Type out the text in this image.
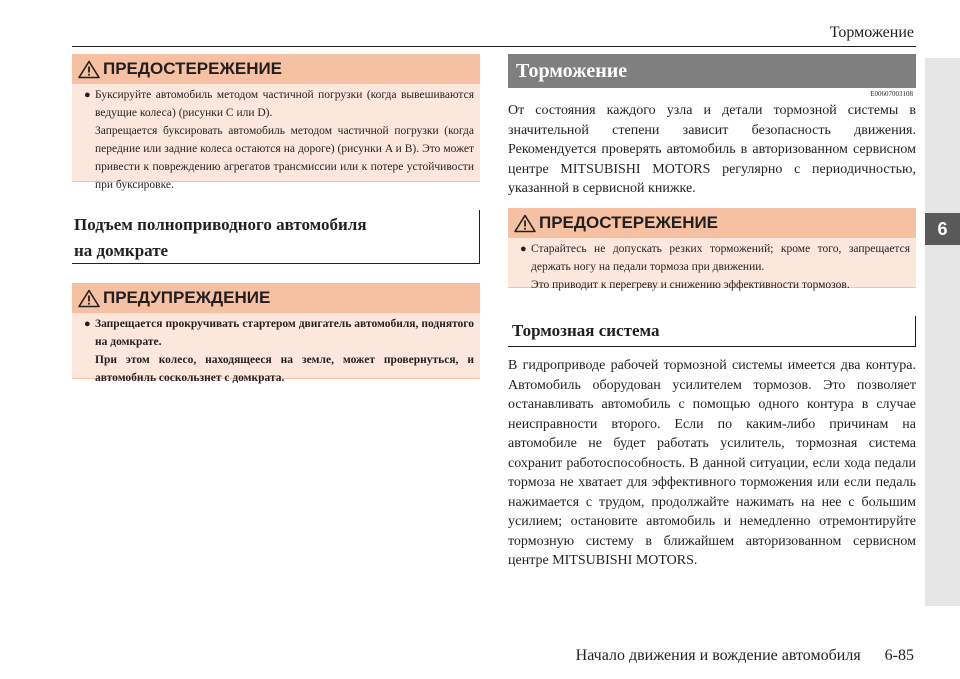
Торможение
6
ПРЕДОСТЕРЕЖЕНИЕ
● Буксируйте автомобиль методом частичной погрузки (когда вывешиваются ведущие колеса) (рисунки C или D).

Запрещается буксировать автомобиль методом частичной погрузки (когда передние или задние колеса остаются на дороге) (рисунки A и B). Это может привести к повреждению агрегатов трансмиссии или к потере устойчивости при буксировке.

Подъем полноприводного автомобиля
на домкрате
ПРЕДУПРЕЖДЕНИЕ
● Запрещается прокручивать стартером двигатель автомобиля, поднятого на домкрате.

При этом колесо, находящееся на земле, может провернуться, и автомобиль соскользнет с домкрата.

Торможение
E00607003108

От состояния каждого узла и детали тормозной системы в значительной степени зависит безопасность движения. Рекомендуется проверять автомобиль в авторизованном сервисном центре MITSUBISHI MOTORS регулярно с периодичностью, указанной в сервисной книжке.

ПРЕДОСТЕРЕЖЕНИЕ
● Старайтесь не допускать резких торможений; кроме того, запрещается держать ногу на педали тормоза при движении.

Это приводит к перегреву и снижению эффективности тормозов.

Тормозная система

В гидроприводе рабочей тормозной системы имеется два контура. Автомобиль оборудован усилителем тормозов. Это позволяет останавливать автомобиль с помощью одного контура в случае неисправности второго. Если по каким-либо причинам на автомобиле не будет работать усилитель, тормозная система сохранит работоспособность. В данной ситуации, если хода педали тормоза не хватает для эффективного торможения или если педаль нажимается с трудом, продолжайте нажимать на нее с большим усилием; остановите автомобиль и немедленно отремонтируйте тормозную систему в ближайшем авторизованном сервисном центре MITSUBISHI MOTORS.

Начало движения и вождение автомобиля 6-85
